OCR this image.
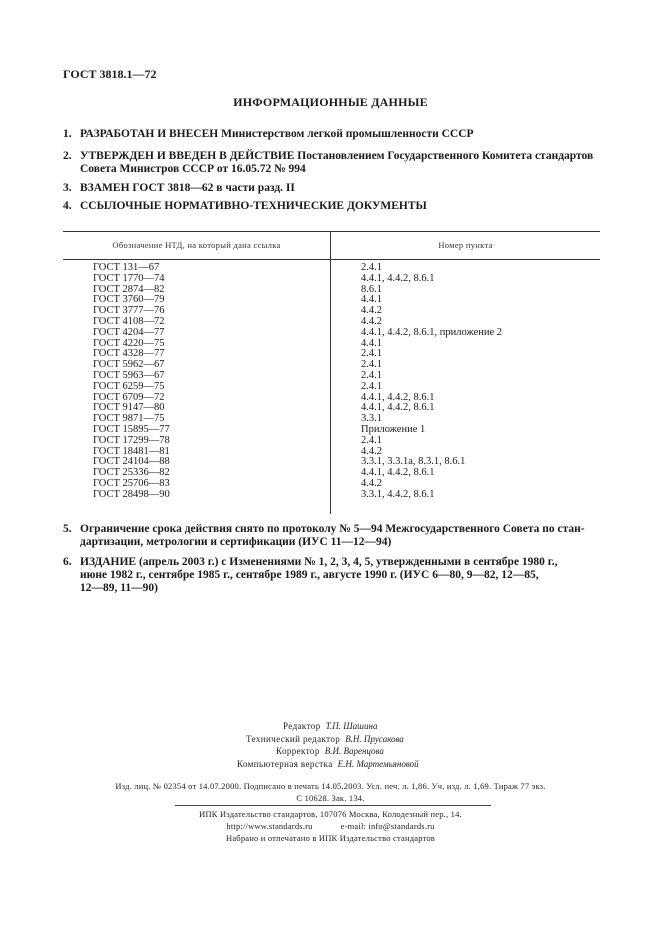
ГОСТ 3818.1—72
ИНФОРМАЦИОННЫЕ ДАННЫЕ
1. РАЗРАБОТАН И ВНЕСЕН Министерством легкой промышленности СССР
2. УТВЕРЖДЕН И ВВЕДЕН В ДЕЙСТВИЕ Постановлением Государственного Комитета стандартов
Совета Министров СССР от 16.05.72 № 994
3. ВЗАМЕН ГОСТ 3818—62 в части разд. II
4. ССЫЛОЧНЫЕ НОРМАТИВНО-ТЕХНИЧЕСКИЕ ДОКУМЕНТЫ
Обозначение НТД, на который дана ссылка	Номер пункта
ГОСТ 131—67
ГОСТ 1770—74
ГОСТ 2874—82
ГОСТ 3760—79
ГОСТ 3777—76
ГОСТ 4108—72
ГОСТ 4204—77
ГОСТ 4220—75
ГОСТ 4328—77
ГОСТ 5962—67
ГОСТ 5963—67
ГОСТ 6259—75
ГОСТ 6709—72
ГОСТ 9147—80
ГОСТ 9871—75
ГОСТ 15895—77
ГОСТ 17299—78
ГОСТ 18481—81
ГОСТ 24104—88
ГОСТ 25336—82
ГОСТ 25706—83
ГОСТ 28498—90
2.4.1
4.4.1, 4.4.2, 8.6.1
8.6.1
4.4.1
4.4.2
4.4.2
4.4.1, 4.4.2, 8.6.1, приложение 2
4.4.1
2.4.1
2.4.1
2.4.1
2.4.1
4.4.1, 4.4.2, 8.6.1
4.4.1, 4.4.2, 8.6.1
3.3.1
Приложение 1
2.4.1
4.4.2
3.3.1, 3.3.1а, 8.3.1, 8.6.1
4.4.1, 4.4.2, 8.6.1
4.4.2
3.3.1, 4.4.2, 8.6.1
5. Ограничение срока действия снято по протоколу № 5—94 Межгосударственного Совета по стан-
дартизации, метрологии и сертификации (ИУС 11—12—94)
6. ИЗДАНИЕ (апрель 2003 г.) с Изменениями № 1, 2, 3, 4, 5, утвержденными в сентябре 1980 г.,
июне 1982 г., сентябре 1985 г., сентябре 1989 г., августе 1990 г. (ИУС 6—80, 9—82, 12—85,
12—89, 11—90)
Редактор Т.П. Шашина
Технический редактор В.Н. Прусакова
Корректор В.И. Варенцова
Компьютерная верстка Е.Н. Мартемьяновой
Изд. лиц. № 02354 от 14.07.2000. Подписано в печать 14.05.2003. Усл. печ. л. 1,86. Уч. изд. л. 1,69. Тираж 77 экз.
С 10628. Зак. 134.
ИПК Издательство стандартов, 107076 Москва, Колодезный пер., 14.
http://www.standards.ru	e-mail: info@standards.ru
Набрано и отпечатано в ИПК Издательство стандартов
